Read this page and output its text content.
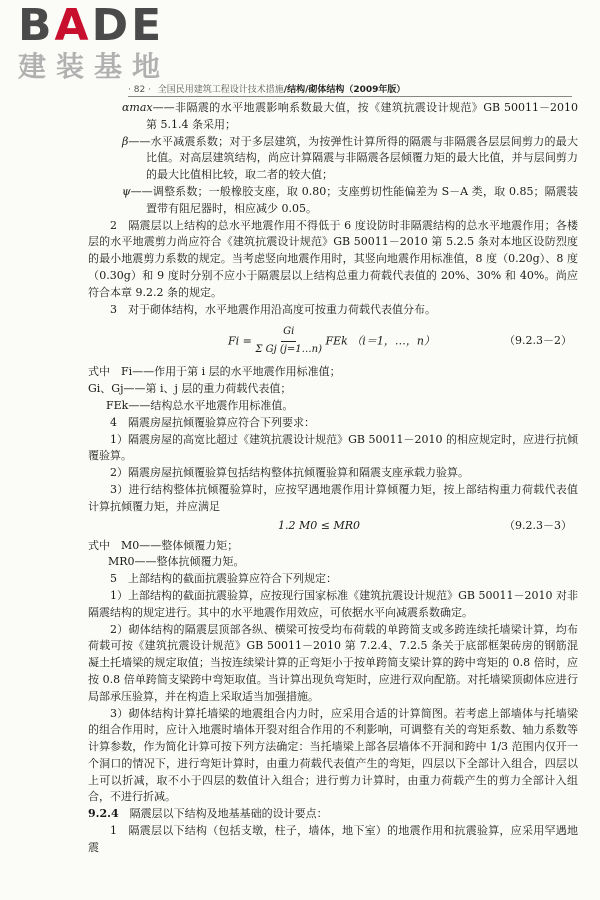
BADE
建装基地
· 82 · 全国民用建筑工程设计技术措施/结构/砌体结构（2009年版）

αmax——非隔震的水平地震影响系数最大值，按《建筑抗震设计规范》GB 50011－2010 第 5.1.4 条采用；

β——水平减震系数；对于多层建筑，为按弹性计算所得的隔震与非隔震各层层间剪力的最大比值。对高层建筑结构，尚应计算隔震与非隔震各层倾覆力矩的最大比值，并与层间剪力的最大比值相比较，取二者的较大值；

ψ——调整系数；一般橡胶支座，取 0.80；支座剪切性能偏差为 S－A 类，取 0.85；隔震装置带有阻尼器时，相应减少 0.05。

2　隔震层以上结构的总水平地震作用不得低于 6 度设防时非隔震结构的总水平地震作用；各楼层的水平地震剪力尚应符合《建筑抗震设计规范》GB 50011－2010 第 5.2.5 条对本地区设防烈度的最小地震剪力系数的规定。当考虑竖向地震作用时，其竖向地震作用标准值，8 度（0.20g）、8 度（0.30g）和 9 度时分别不应小于隔震层以上结构总重力荷载代表值的 20%、30% 和 40%。尚应符合本章 9.2.2 条的规定。

3　对于砌体结构，水平地震作用沿高度可按重力荷载代表值分布。

$Fi = \frac{Gi}{\text{Σ Gj (j=1…n)}}$ FEk （i＝1，…，n）	（9.2.3－2）

式中　Fi——作用于第 i 层的水平地震作用标准值；

Gi、Gj——第 i、j 层的重力荷载代表值；

FEk——结构总水平地震作用标准值。

4　隔震房屋抗倾覆验算应符合下列要求：

1）隔震房屋的高宽比超过《建筑抗震设计规范》GB 50011－2010 的相应规定时，应进行抗倾覆验算。

2）隔震房屋抗倾覆验算包括结构整体抗倾覆验算和隔震支座承载力验算。

3）进行结构整体抗倾覆验算时，应按罕遇地震作用计算倾覆力矩，按上部结构重力荷载代表值计算抗倾覆力矩，并应满足

1.2 M0 ≤ MR0	（9.2.3－3）

式中　M0——整体倾覆力矩；

MR0——整体抗倾覆力矩。

5　上部结构的截面抗震验算应符合下列规定：

1）上部结构的截面抗震验算，应按现行国家标准《建筑抗震设计规范》GB 50011－2010 对非隔震结构的规定进行。其中的水平地震作用效应，可依据水平向减震系数确定。

2）砌体结构的隔震层顶部各纵、横梁可按受均布荷载的单跨简支或多跨连续托墙梁计算，均布荷载可按《建筑抗震设计规范》GB 50011－2010 第 7.2.4、7.2.5 条关于底部框架砖房的钢筋混凝土托墙梁的规定取值；当按连续梁计算的正弯矩小于按单跨简支梁计算的跨中弯矩的 0.8 倍时，应按 0.8 倍单跨简支梁跨中弯矩取值。当计算出现负弯矩时，应进行双向配筋。对托墙梁顶砌体应进行局部承压验算，并在构造上采取适当加强措施。

3）砌体结构计算托墙梁的地震组合内力时，应采用合适的计算简图。若考虑上部墙体与托墙梁的组合作用时，应计入地震时墙体开裂对组合作用的不利影响，可调整有关的弯矩系数、轴力系数等计算参数，作为简化计算可按下列方法确定：当托墙梁上部各层墙体不开洞和跨中 1/3 范围内仅开一个洞口的情况下，进行弯矩计算时，由重力荷载代表值产生的弯矩，四层以下全部计入组合，四层以上可以折减，取不小于四层的数值计入组合；进行剪力计算时，由重力荷载产生的剪力全部计入组合，不进行折减。

9.2.4　隔震层以下结构及地基基础的设计要点：

1　隔震层以下结构（包括支墩，柱子，墙体，地下室）的地震作用和抗震验算，应采用罕遇地震
